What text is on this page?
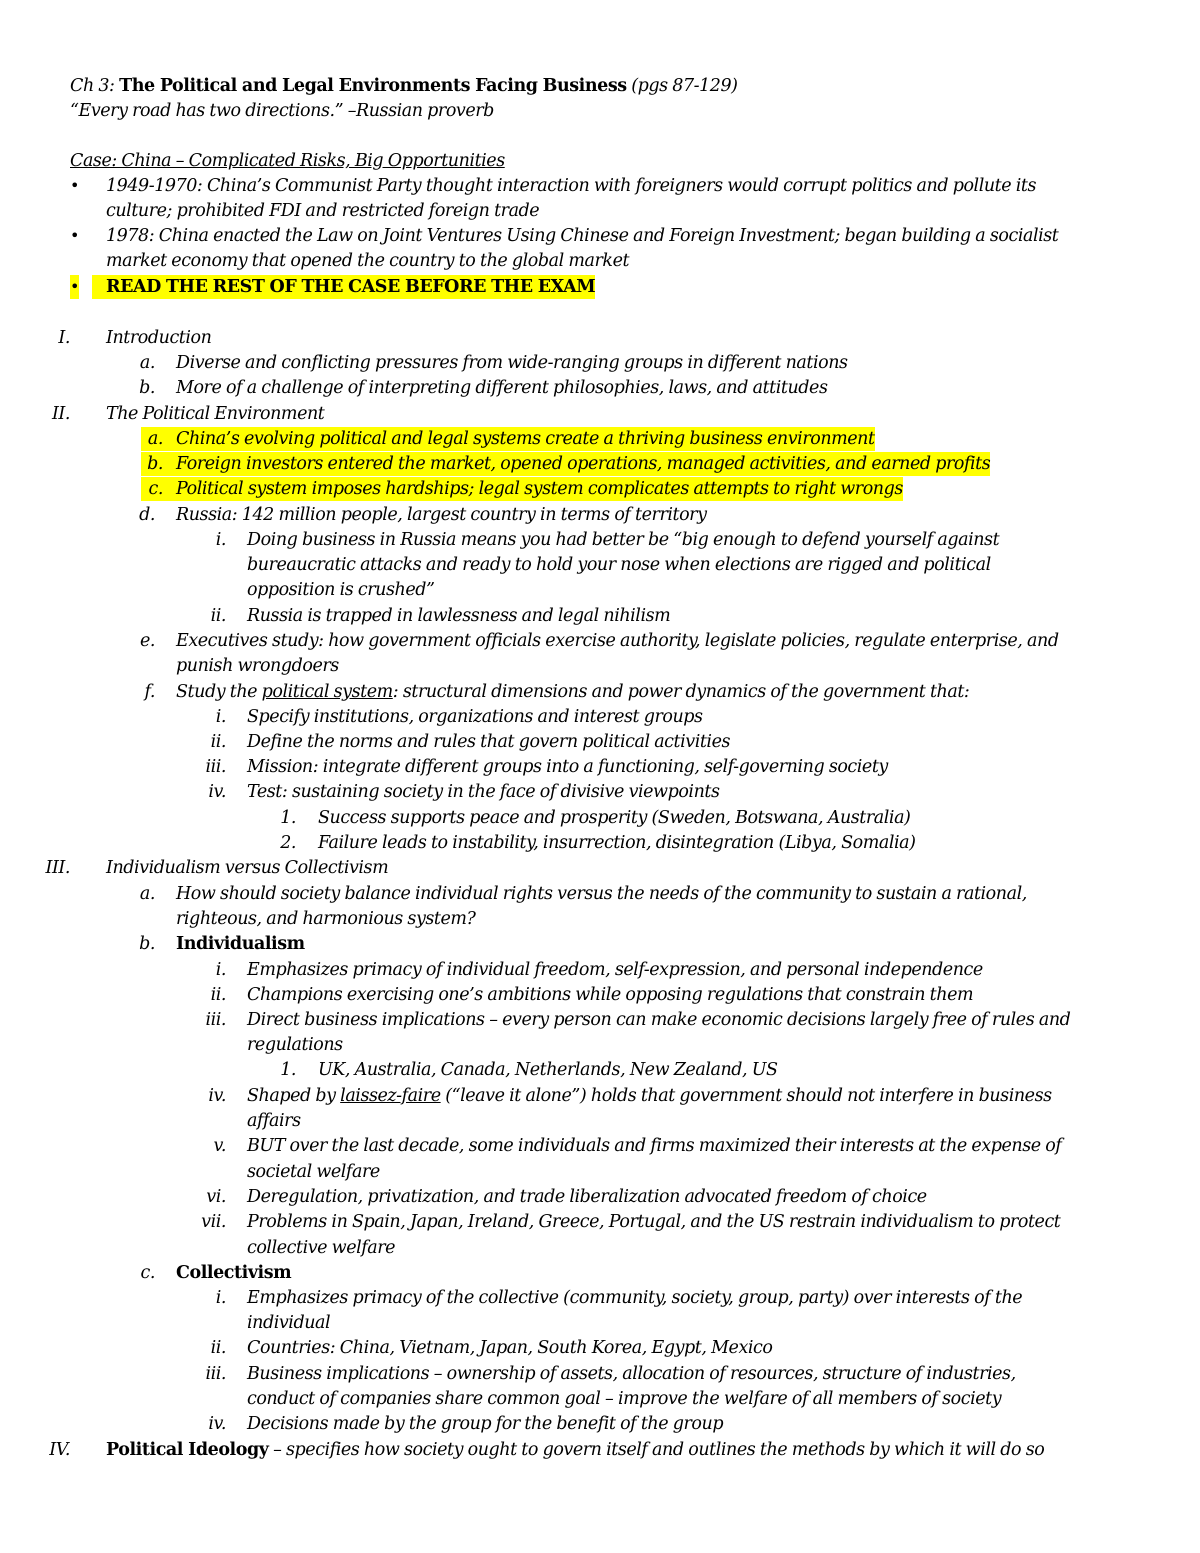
Ch 3: The Political and Legal Environments Facing Business (pgs 87-129)
“Every road has two directions.” –Russian proverb
Case: China – Complicated Risks, Big Opportunities
• 1949-1970: China’s Communist Party thought interaction with foreigners would corrupt politics and pollute its
culture; prohibited FDI and restricted foreign trade
• 1978: China enacted the Law on Joint Ventures Using Chinese and Foreign Investment; began building a socialist
market economy that opened the country to the global market
•	READ THE REST OF THE CASE BEFORE THE EXAM
I. Introduction
a. Diverse and conflicting pressures from wide-ranging groups in different nations
b. More of a challenge of interpreting different philosophies, laws, and attitudes
II. The Political Environment
a. China’s evolving political and legal systems create a thriving business environment
b. Foreign investors entered the market, opened operations, managed activities, and earned profits
c. Political system imposes hardships; legal system complicates attempts to right wrongs
d. Russia: 142 million people, largest country in terms of territory
i. Doing business in Russia means you had better be “big enough to defend yourself against
bureaucratic attacks and ready to hold your nose when elections are rigged and political
opposition is crushed”
ii. Russia is trapped in lawlessness and legal nihilism
e. Executives study: how government officials exercise authority, legislate policies, regulate enterprise, and
punish wrongdoers
f. Study the political system: structural dimensions and power dynamics of the government that:
i. Specify institutions, organizations and interest groups
ii. Define the norms and rules that govern political activities
iii. Mission: integrate different groups into a functioning, self-governing society
iv. Test: sustaining society in the face of divisive viewpoints
1. Success supports peace and prosperity (Sweden, Botswana, Australia)
2. Failure leads to instability, insurrection, disintegration (Libya, Somalia)
III. Individualism versus Collectivism
a. How should society balance individual rights versus the needs of the community to sustain a rational,
righteous, and harmonious system?
b. Individualism
i. Emphasizes primacy of individual freedom, self-expression, and personal independence
ii. Champions exercising one’s ambitions while opposing regulations that constrain them
iii. Direct business implications – every person can make economic decisions largely free of rules and
regulations
1. UK, Australia, Canada, Netherlands, New Zealand, US
iv. Shaped by laissez-faire (“leave it alone”) holds that government should not interfere in business
affairs
v. BUT over the last decade, some individuals and firms maximized their interests at the expense of
societal welfare
vi. Deregulation, privatization, and trade liberalization advocated freedom of choice
vii. Problems in Spain, Japan, Ireland, Greece, Portugal, and the US restrain individualism to protect
collective welfare
c. Collectivism
i. Emphasizes primacy of the collective (community, society, group, party) over interests of the
individual
ii. Countries: China, Vietnam, Japan, South Korea, Egypt, Mexico
iii. Business implications – ownership of assets, allocation of resources, structure of industries,
conduct of companies share common goal – improve the welfare of all members of society
iv. Decisions made by the group for the benefit of the group
IV. Political Ideology – specifies how society ought to govern itself and outlines the methods by which it will do so
